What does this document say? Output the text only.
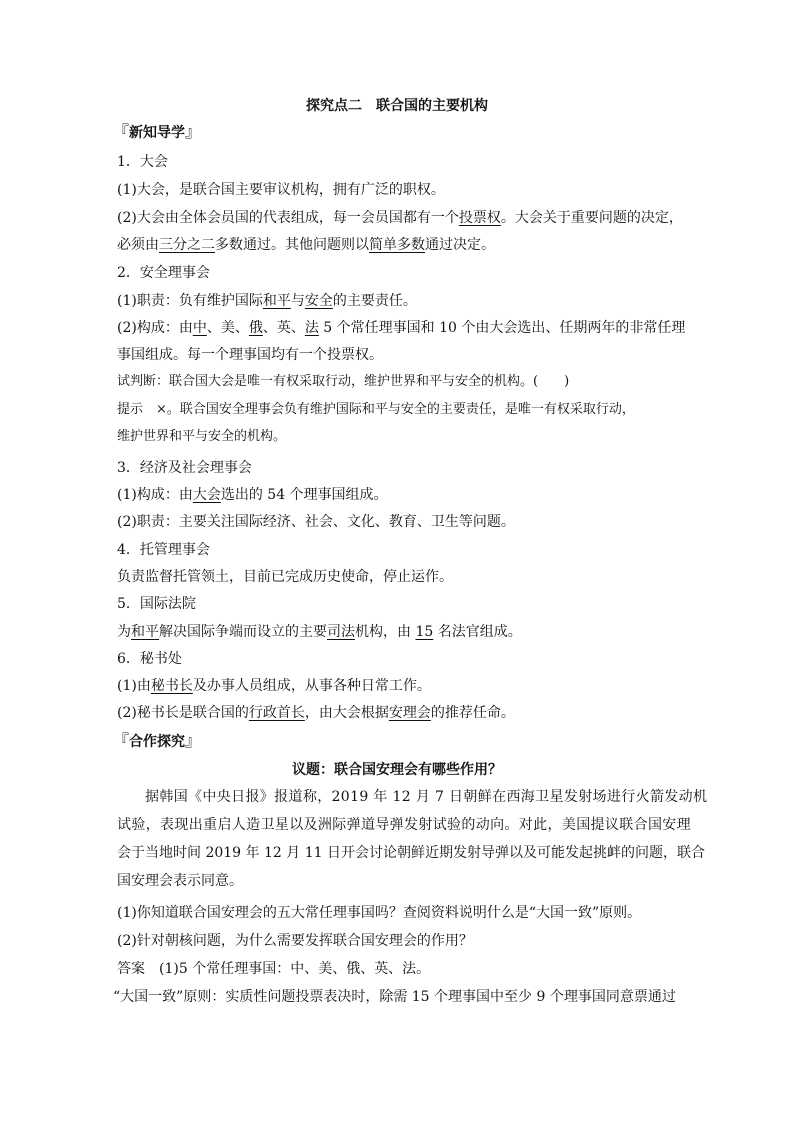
探究点二　联合国的主要机构
『新知导学』
1．大会
(1)大会，是联合国主要审议机构，拥有广泛的职权。
(2)大会由全体会员国的代表组成，每一会员国都有一个投票权。大会关于重要问题的决定，
必须由三分之二多数通过。其他问题则以简单多数通过决定。
2．安全理事会
(1)职责：负有维护国际和平与安全的主要责任。
(2)构成：由中、美、俄、英、法 5 个常任理事国和 10 个由大会选出、任期两年的非常任理
事国组成。每一个理事国均有一个投票权。
试判断：联合国大会是唯一有权采取行动，维护世界和平与安全的机构。(　　)
提示　×。联合国安全理事会负有维护国际和平与安全的主要责任，是唯一有权采取行动，
维护世界和平与安全的机构。
3．经济及社会理事会
(1)构成：由大会选出的 54 个理事国组成。
(2)职责：主要关注国际经济、社会、文化、教育、卫生等问题。
4．托管理事会
负责监督托管领土，目前已完成历史使命，停止运作。
5．国际法院
为和平解决国际争端而设立的主要司法机构，由 15 名法官组成。
6．秘书处
(1)由秘书长及办事人员组成，从事各种日常工作。
(2)秘书长是联合国的行政首长，由大会根据安理会的推荐任命。
『合作探究』
议题：联合国安理会有哪些作用？
据韩国《中央日报》报道称，2019 年 12 月 7 日朝鲜在西海卫星发射场进行火箭发动机
试验，表现出重启人造卫星以及洲际弹道导弹发射试验的动向。对此，美国提议联合国安理
会于当地时间 2019 年 12 月 11 日开会讨论朝鲜近期发射导弹以及可能发起挑衅的问题，联合
国安理会表示同意。
(1)你知道联合国安理会的五大常任理事国吗？查阅资料说明什么是“大国一致”原则。
(2)针对朝核问题，为什么需要发挥联合国安理会的作用？
答案　(1)5 个常任理事国：中、美、俄、英、法。
“大国一致”原则：实质性问题投票表决时，除需 15 个理事国中至少 9 个理事国同意票通过
